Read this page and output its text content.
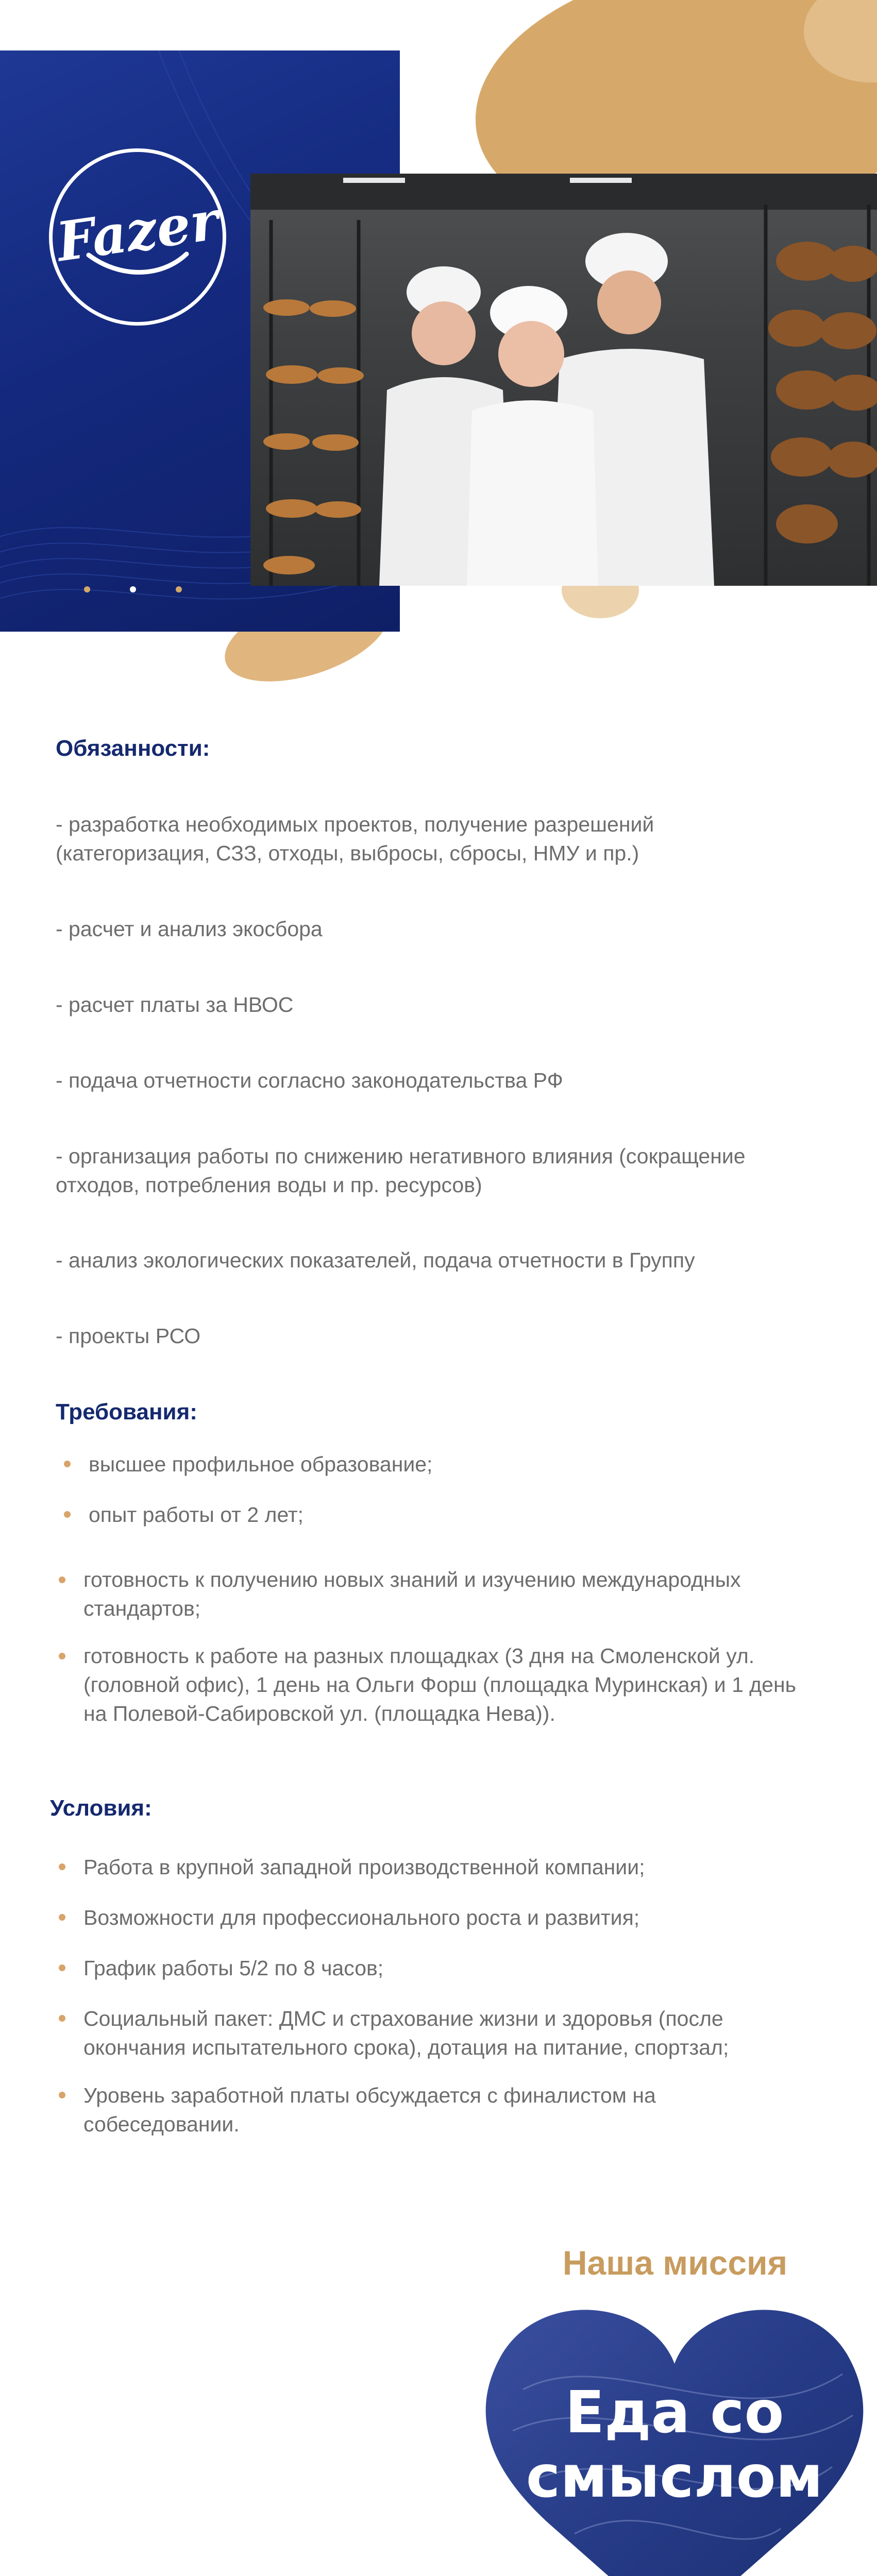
Fazer
Обязанности:
- разработка необходимых проектов, получение разрешений
(категоризация, СЗЗ, отходы, выбросы, сбросы, НМУ и пр.)
- расчет и анализ экосбора
- расчет платы за НВОС
- подача отчетности согласно законодательства РФ
- организация работы по снижению негативного влияния (сокращение
отходов, потребления воды и пр. ресурсов)
- анализ экологических показателей, подача отчетности в Группу
- проекты РСО
Требования:
высшее профильное образование;
опыт работы от 2 лет;
готовность к получению новых знаний и изучению международных
стандартов;
готовность к работе на разных площадках (3 дня на Смоленской ул.
(головной офис), 1 день на Ольги Форш (площадка Муринская) и 1 день
на Полевой-Сабировской ул. (площадка Нева)).
Условия:
Работа в крупной западной производственной компании;
Возможности для профессионального роста и развития;
График работы 5/2 по 8 часов;
Социальный пакет: ДМС и страхование жизни и здоровья (после
окончания испытательного срока), дотация на питание, спортзал;
Уровень заработной платы обсуждается с финалистом на
собеседовании.
Наша миссия
Еда со
смыслом
